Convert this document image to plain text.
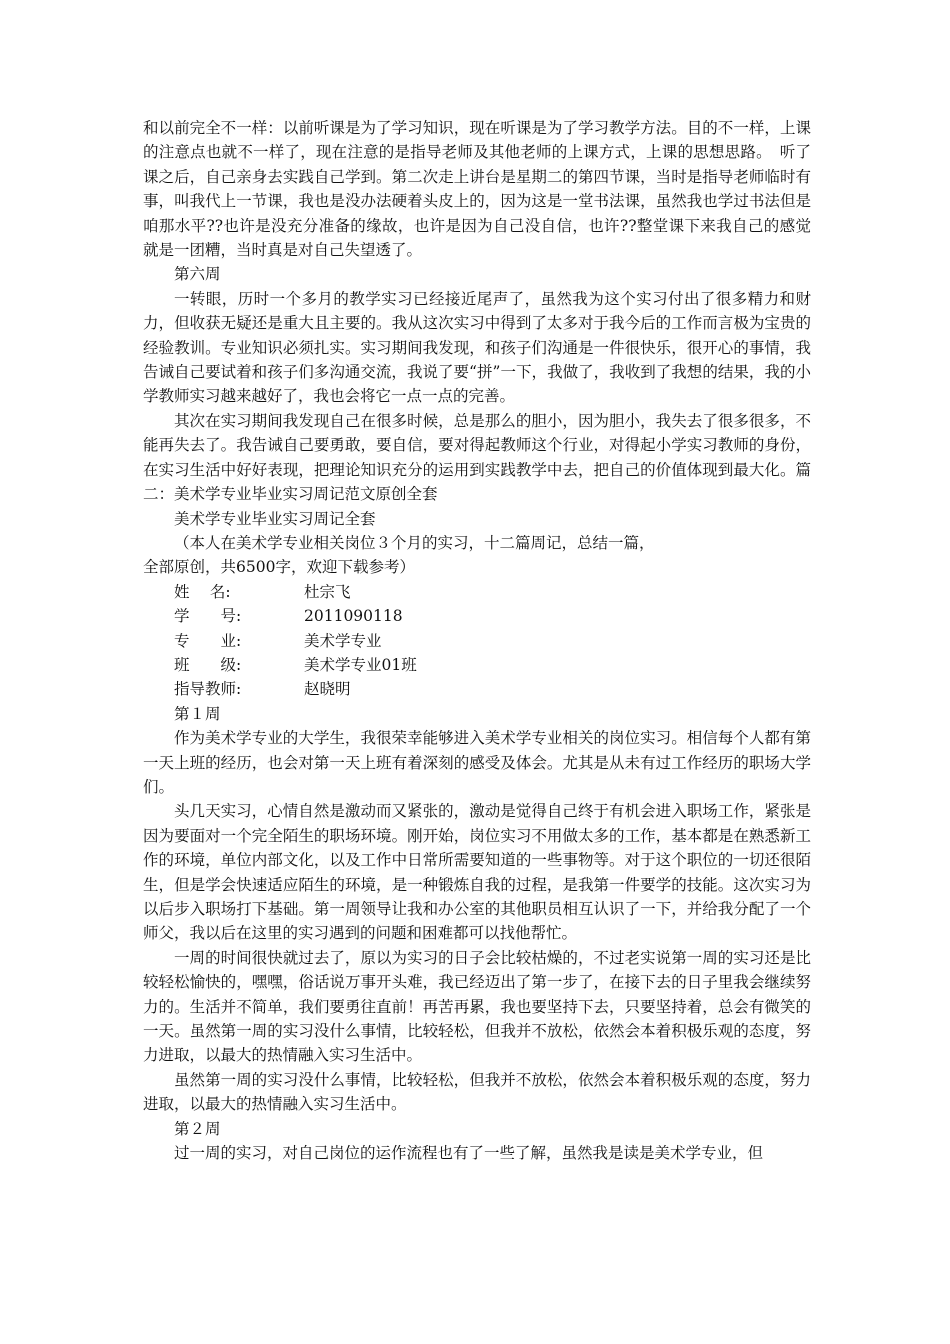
和以前完全不一样：以前听课是为了学习知识，现在听课是为了学习教学方法。目的不一样，上课的注意点也就不一样了，现在注意的是指导老师及其他老师的上课方式，上课的思想思路。　听了课之后，自己亲身去实践自己学到。第二次走上讲台是星期二的第四节课，当时是指导老师临时有事，叫我代上一节课，我也是没办法硬着头皮上的，因为这是一堂书法课，虽然我也学过书法但是咱那水平??也许是没充分准备的缘故，也许是因为自己没自信，也许??整堂课下来我自己的感觉就是一团糟，当时真是对自己失望透了。

第六周

一转眼，历时一个多月的教学实习已经接近尾声了，虽然我为这个实习付出了很多精力和财力，但收获无疑还是重大且主要的。我从这次实习中得到了太多对于我今后的工作而言极为宝贵的经验教训。专业知识必须扎实。实习期间我发现，和孩子们沟通是一件很快乐，很开心的事情，我告诫自己要试着和孩子们多沟通交流，我说了要“拼”一下，我做了，我收到了我想的结果，我的小学教师实习越来越好了，我也会将它一点一点的完善。

其次在实习期间我发现自己在很多时候，总是那么的胆小，因为胆小，我失去了很多很多，不能再失去了。我告诫自己要勇敢，要自信，要对得起教师这个行业，对得起小学实习教师的身份，在实习生活中好好表现，把理论知识充分的运用到实践教学中去，把自己的价值体现到最大化。篇二：美术学专业毕业实习周记范文原创全套

美术学专业毕业实习周记全套

（本人在美术学专业相关岗位３个月的实习，十二篇周记，总结一篇，

全部原创，共6500字，欢迎下载参考）

姓　 名:	杜宗飞

学　　号:	2011090118

专　　业:	美术学专业

班　　级:	美术学专业01班

指导教师:	赵晓明

第１周

作为美术学专业的大学生，我很荣幸能够进入美术学专业相关的岗位实习。相信每个人都有第一天上班的经历，也会对第一天上班有着深刻的感受及体会。尤其是从未有过工作经历的职场大学们。

头几天实习，心情自然是激动而又紧张的，激动是觉得自己终于有机会进入职场工作，紧张是因为要面对一个完全陌生的职场环境。刚开始，岗位实习不用做太多的工作，基本都是在熟悉新工作的环境，单位内部文化，以及工作中日常所需要知道的一些事物等。对于这个职位的一切还很陌生，但是学会快速适应陌生的环境，是一种锻炼自我的过程，是我第一件要学的技能。这次实习为以后步入职场打下基础。第一周领导让我和办公室的其他职员相互认识了一下，并给我分配了一个师父，我以后在这里的实习遇到的问题和困难都可以找他帮忙。

一周的时间很快就过去了，原以为实习的日子会比较枯燥的，不过老实说第一周的实习还是比较轻松愉快的，嘿嘿，俗话说万事开头难，我已经迈出了第一步了，在接下去的日子里我会继续努力的。生活并不简单，我们要勇往直前！再苦再累，我也要坚持下去，只要坚持着，总会有微笑的一天。虽然第一周的实习没什么事情，比较轻松，但我并不放松，依然会本着积极乐观的态度，努力进取，以最大的热情融入实习生活中。

虽然第一周的实习没什么事情，比较轻松，但我并不放松，依然会本着积极乐观的态度，努力进取，以最大的热情融入实习生活中。

第２周

过一周的实习，对自己岗位的运作流程也有了一些了解，虽然我是读是美术学专业，但
